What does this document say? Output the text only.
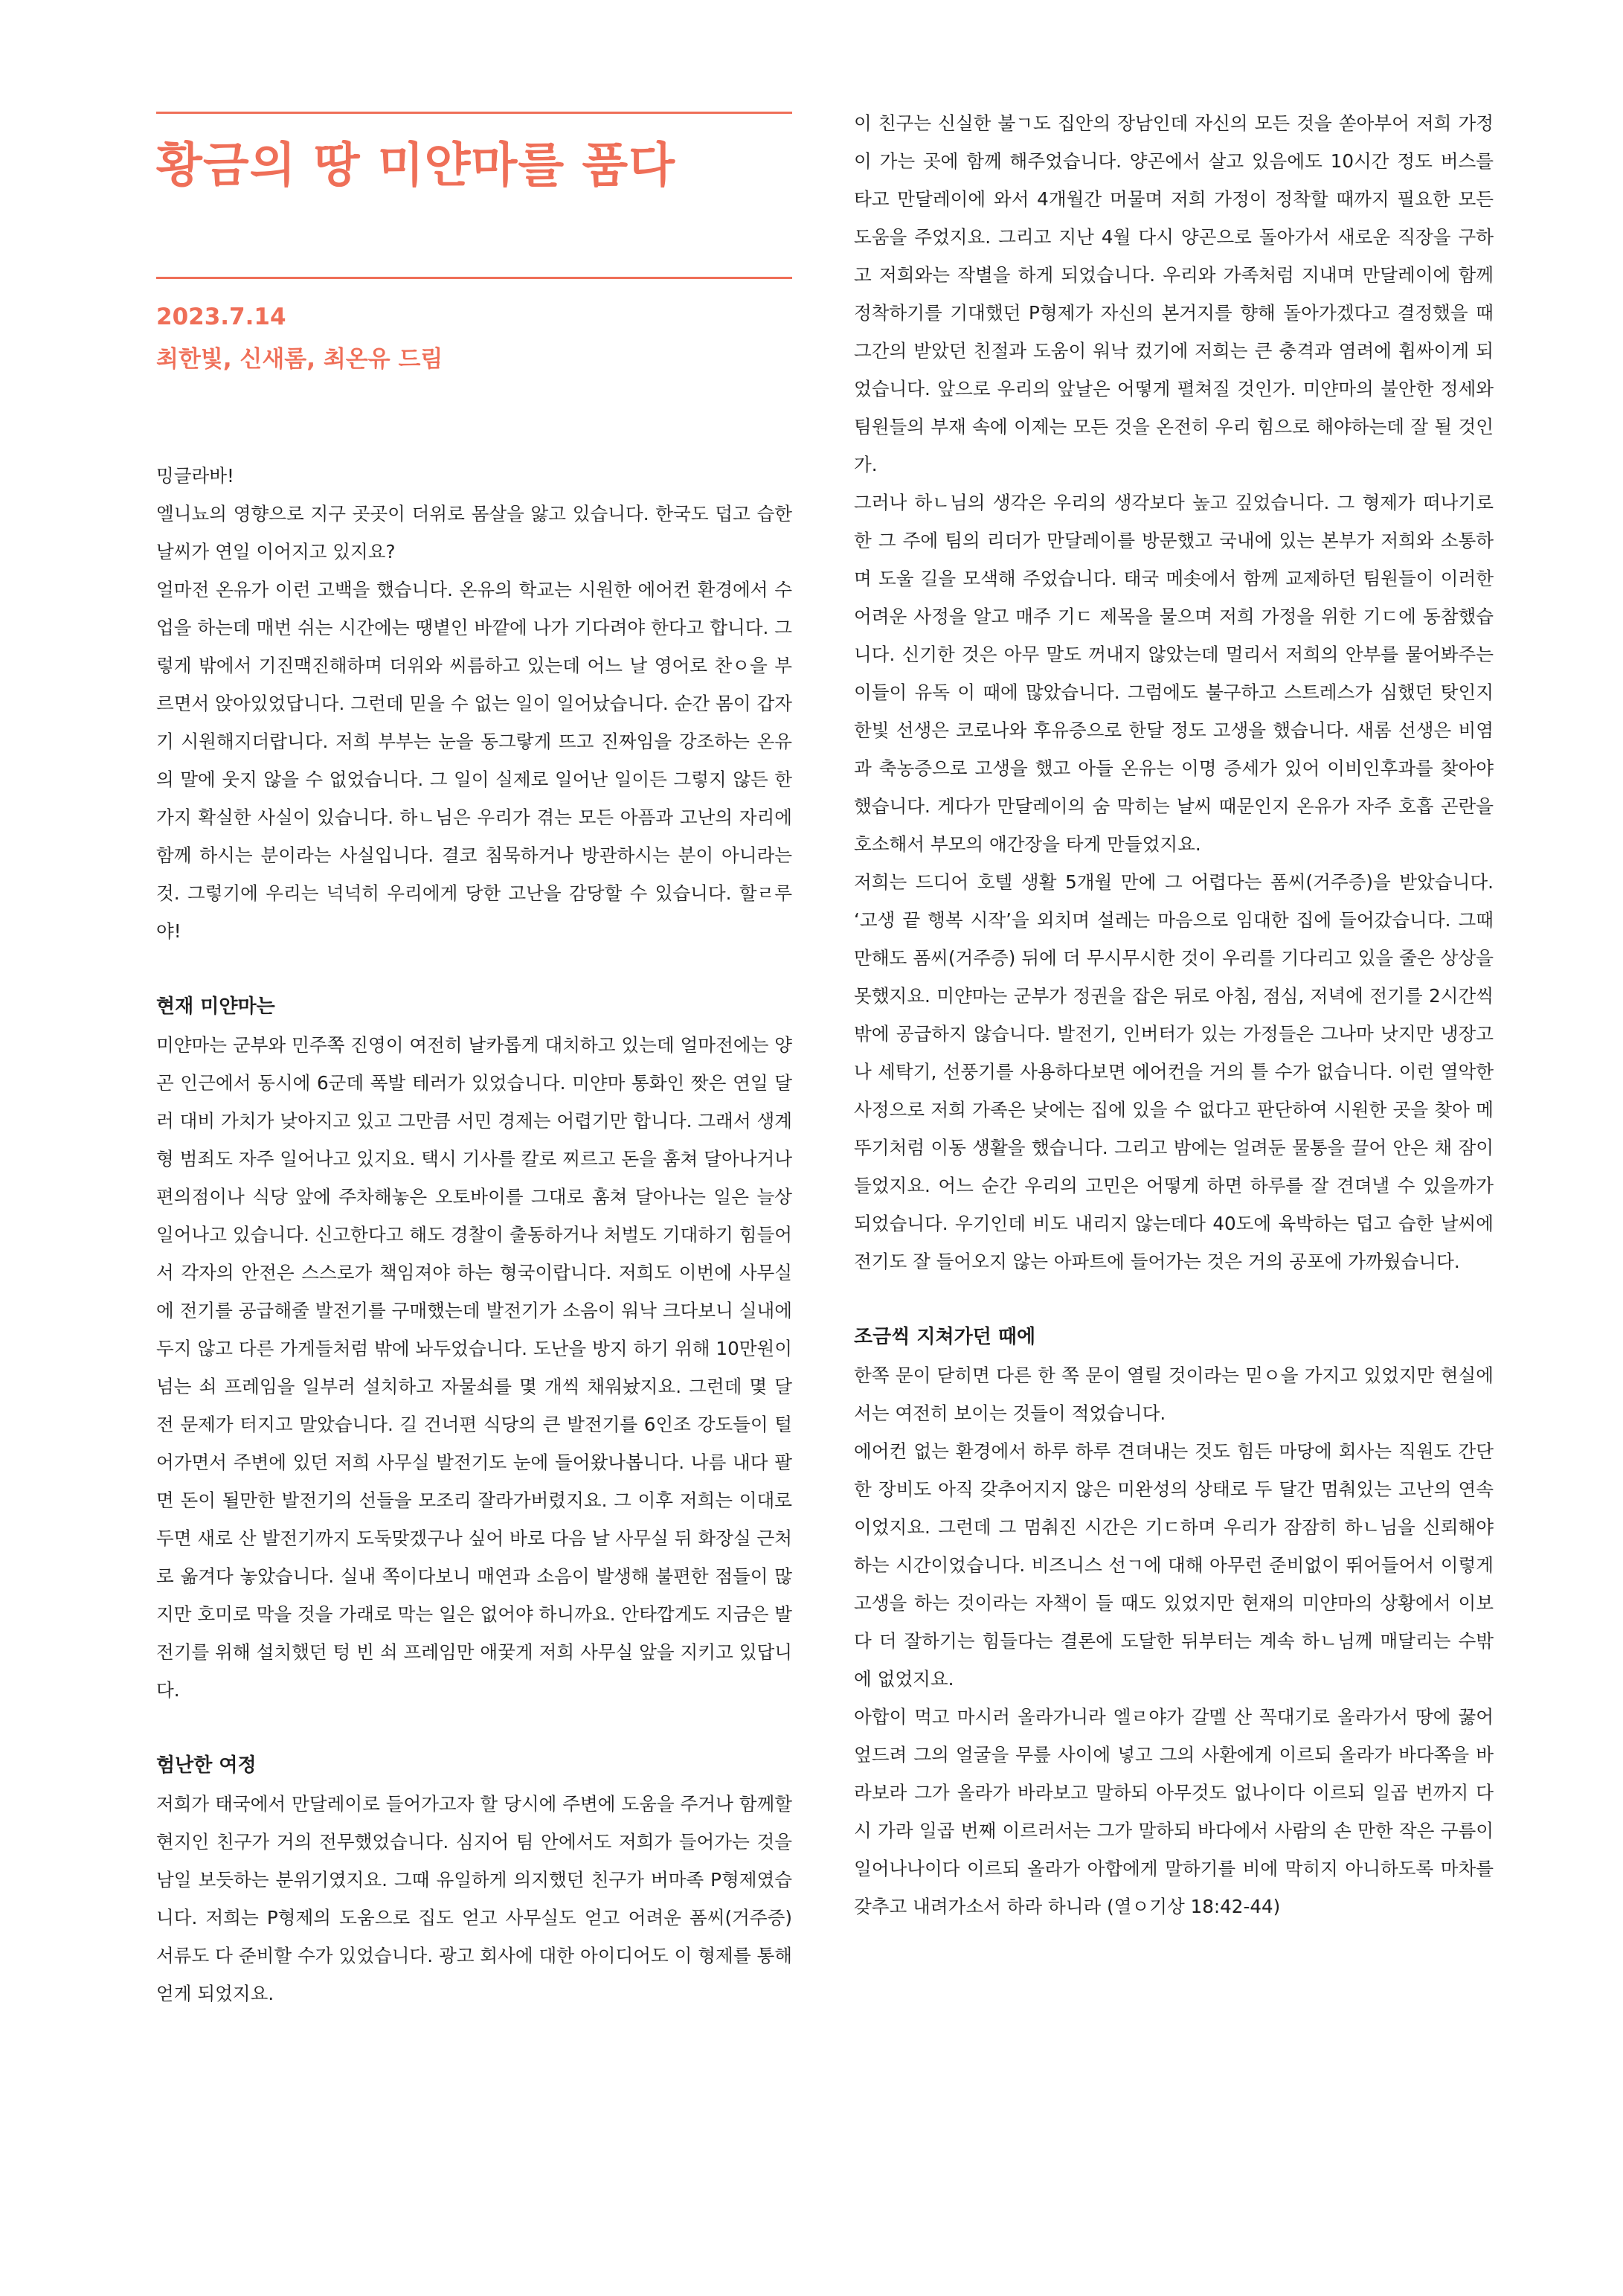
황금의 땅 미얀마를 품다
2023.7.14
최한빛, 신새롬, 최온유 드림

밍글라바!

엘니뇨의 영향으로 지구 곳곳이 더위로 몸살을 앓고 있습니다. 한국도 덥고 습한 날씨가 연일 이어지고 있지요?

얼마전 온유가 이런 고백을 했습니다. 온유의 학교는 시원한 에어컨 환경에서 수업을 하는데 매번 쉬는 시간에는 땡볕인 바깥에 나가 기다려야 한다고 합니다. 그렇게 밖에서 기진맥진해하며 더위와 씨름하고 있는데 어느 날 영어로 찬ㅇ을 부르면서 앉아있었답니다. 그런데 믿을 수 없는 일이 일어났습니다. 순간 몸이 갑자기 시원해지더랍니다. 저희 부부는 눈을 동그랗게 뜨고 진짜임을 강조하는 온유의 말에 웃지 않을 수 없었습니다. 그 일이 실제로 일어난 일이든 그렇지 않든 한가지 확실한 사실이 있습니다. 하ㄴ님은 우리가 겪는 모든 아픔과 고난의 자리에 함께 하시는 분이라는 사실입니다. 결코 침묵하거나 방관하시는 분이 아니라는 것. 그렇기에 우리는 넉넉히 우리에게 당한 고난을 감당할 수 있습니다. 할ㄹ루야!

현재 미얀마는

미얀마는 군부와 민주쪽 진영이 여전히 날카롭게 대치하고 있는데 얼마전에는 양곤 인근에서 동시에 6군데 폭발 테러가 있었습니다. 미얀마 통화인 짯은 연일 달러 대비 가치가 낮아지고 있고 그만큼 서민 경제는 어렵기만 합니다. 그래서 생계형 범죄도 자주 일어나고 있지요. 택시 기사를 칼로 찌르고 돈을 훔쳐 달아나거나 편의점이나 식당 앞에 주차해놓은 오토바이를 그대로 훔쳐 달아나는 일은 늘상 일어나고 있습니다. 신고한다고 해도 경찰이 출동하거나 처벌도 기대하기 힘들어서 각자의 안전은 스스로가 책임져야 하는 형국이랍니다. 저희도 이번에 사무실에 전기를 공급해줄 발전기를 구매했는데 발전기가 소음이 워낙 크다보니 실내에 두지 않고 다른 가게들처럼 밖에 놔두었습니다. 도난을 방지 하기 위해 10만원이 넘는 쇠 프레임을 일부러 설치하고 자물쇠를 몇 개씩 채워놨지요. 그런데 몇 달 전 문제가 터지고 말았습니다. 길 건너편 식당의 큰 발전기를 6인조 강도들이 털어가면서 주변에 있던 저희 사무실 발전기도 눈에 들어왔나봅니다. 나름 내다 팔면 돈이 될만한 발전기의 선들을 모조리 잘라가버렸지요. 그 이후 저희는 이대로 두면 새로 산 발전기까지 도둑맞겠구나 싶어 바로 다음 날 사무실 뒤 화장실 근처로 옮겨다 놓았습니다. 실내 쪽이다보니 매연과 소음이 발생해 불편한 점들이 많지만 호미로 막을 것을 가래로 막는 일은 없어야 하니까요. 안타깝게도 지금은 발전기를 위해 설치했던 텅 빈 쇠 프레임만 애꿎게 저희 사무실 앞을 지키고 있답니다.

험난한 여정

저희가 태국에서 만달레이로 들어가고자 할 당시에 주변에 도움을 주거나 함께할 현지인 친구가 거의 전무했었습니다. 심지어 팀 안에서도 저희가 들어가는 것을 남일 보듯하는 분위기였지요. 그때 유일하게 의지했던 친구가 버마족 P형제였습니다. 저희는 P형제의 도움으로 집도 얻고 사무실도 얻고 어려운 폼씨(거주증) 서류도 다 준비할 수가 있었습니다. 광고 회사에 대한 아이디어도 이 형제를 통해 얻게 되었지요.

이 친구는 신실한 불ㄱ도 집안의 장남인데 자신의 모든 것을 쏟아부어 저희 가정이 가는 곳에 함께 해주었습니다. 양곤에서 살고 있음에도 10시간 정도 버스를 타고 만달레이에 와서 4개월간 머물며 저희 가정이 정착할 때까지 필요한 모든 도움을 주었지요. 그리고 지난 4월 다시 양곤으로 돌아가서 새로운 직장을 구하고 저희와는 작별을 하게 되었습니다. 우리와 가족처럼 지내며 만달레이에 함께 정착하기를 기대했던 P형제가 자신의 본거지를 향해 돌아가겠다고 결정했을 때 그간의 받았던 친절과 도움이 워낙 컸기에 저희는 큰 충격과 염려에 휩싸이게 되었습니다. 앞으로 우리의 앞날은 어떻게 펼쳐질 것인가. 미얀마의 불안한 정세와 팀원들의 부재 속에 이제는 모든 것을 온전히 우리 힘으로 해야하는데 잘 될 것인가.

그러나 하ㄴ님의 생각은 우리의 생각보다 높고 깊었습니다. 그 형제가 떠나기로 한 그 주에 팀의 리더가 만달레이를 방문했고 국내에 있는 본부가 저희와 소통하며 도울 길을 모색해 주었습니다. 태국 메솟에서 함께 교제하던 팀원들이 이러한 어려운 사정을 알고 매주 기ㄷ 제목을 물으며 저희 가정을 위한 기ㄷ에 동참했습니다. 신기한 것은 아무 말도 꺼내지 않았는데 멀리서 저희의 안부를 물어봐주는 이들이 유독 이 때에 많았습니다. 그럼에도 불구하고 스트레스가 심했던 탓인지 한빛 선생은 코로나와 후유증으로 한달 정도 고생을 했습니다. 새롬 선생은 비염과 축농증으로 고생을 했고 아들 온유는 이명 증세가 있어 이비인후과를 찾아야 했습니다. 게다가 만달레이의 숨 막히는 날씨 때문인지 온유가 자주 호흡 곤란을 호소해서 부모의 애간장을 타게 만들었지요.

저희는 드디어 호텔 생활 5개월 만에 그 어렵다는 폼씨(거주증)을 받았습니다. ‘고생 끝 행복 시작’을 외치며 설레는 마음으로 임대한 집에 들어갔습니다. 그때만해도 폼씨(거주증) 뒤에 더 무시무시한 것이 우리를 기다리고 있을 줄은 상상을 못했지요. 미얀마는 군부가 정권을 잡은 뒤로 아침, 점심, 저녁에 전기를 2시간씩 밖에 공급하지 않습니다. 발전기, 인버터가 있는 가정들은 그나마 낫지만 냉장고나 세탁기, 선풍기를 사용하다보면 에어컨을 거의 틀 수가 없습니다. 이런 열악한 사정으로 저희 가족은 낮에는 집에 있을 수 없다고 판단하여 시원한 곳을 찾아 메뚜기처럼 이동 생활을 했습니다. 그리고 밤에는 얼려둔 물통을 끌어 안은 채 잠이 들었지요. 어느 순간 우리의 고민은 어떻게 하면 하루를 잘 견뎌낼 수 있을까가 되었습니다. 우기인데 비도 내리지 않는데다 40도에 육박하는 덥고 습한 날씨에 전기도 잘 들어오지 않는 아파트에 들어가는 것은 거의 공포에 가까웠습니다.

조금씩 지쳐가던 때에

한쪽 문이 닫히면 다른 한 쪽 문이 열릴 것이라는 믿ㅇ을 가지고 있었지만 현실에서는 여전히 보이는 것들이 적었습니다.

에어컨 없는 환경에서 하루 하루 견뎌내는 것도 힘든 마당에 회사는 직원도 간단한 장비도 아직 갖추어지지 않은 미완성의 상태로 두 달간 멈춰있는 고난의 연속이었지요. 그런데 그 멈춰진 시간은 기ㄷ하며 우리가 잠잠히 하ㄴ님을 신뢰해야 하는 시간이었습니다. 비즈니스 선ㄱ에 대해 아무런 준비없이 뛰어들어서 이렇게 고생을 하는 것이라는 자책이 들 때도 있었지만 현재의 미얀마의 상황에서 이보다 더 잘하기는 힘들다는 결론에 도달한 뒤부터는 계속 하ㄴ님께 매달리는 수밖에 없었지요.

아합이 먹고 마시러 올라가니라 엘ㄹ야가 갈멜 산 꼭대기로 올라가서 땅에 꿇어 엎드려 그의 얼굴을 무릎 사이에 넣고 그의 사환에게 이르되 올라가 바다쪽을 바라보라 그가 올라가 바라보고 말하되 아무것도 없나이다 이르되 일곱 번까지 다시 가라 일곱 번째 이르러서는 그가 말하되 바다에서 사람의 손 만한 작은 구름이 일어나나이다 이르되 올라가 아합에게 말하기를 비에 막히지 아니하도록 마차를 갖추고 내려가소서 하라 하니라 (열ㅇ기상 18:42-44)
